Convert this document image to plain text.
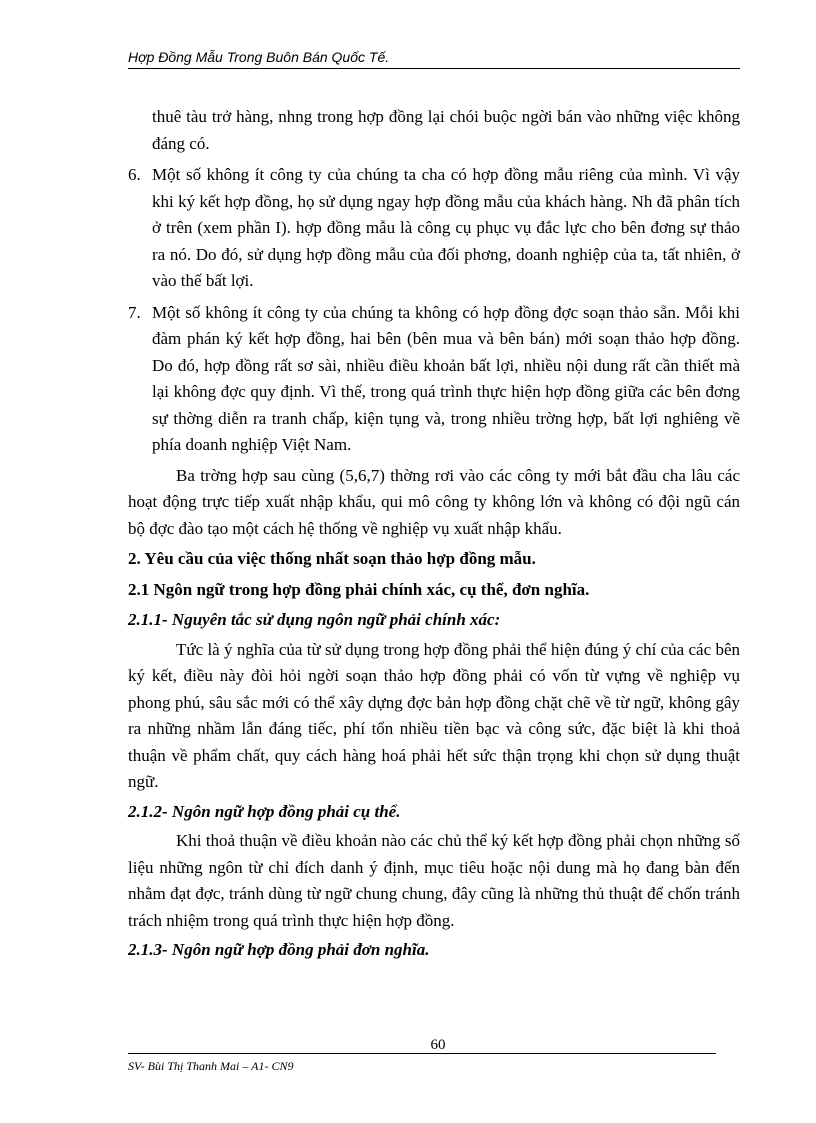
Hợp Đồng Mẫu Trong Buôn Bán Quốc Tế.

thuê tàu trở hàng, nhng trong hợp đồng lại chói buộc ngời bán vào những việc không đáng có.

6. Một số không ít công ty của chúng ta cha có hợp đồng mẫu riêng của mình. Vì vậy khi ký kết hợp đồng, họ sử dụng ngay hợp đồng mẫu của khách hàng. Nh đã phân tích ở trên (xem phần I). hợp đồng mẫu là công cụ phục vụ đắc lực cho bên đơng sự thảo ra nó. Do đó, sử dụng hợp đồng mẫu của đối phơng, doanh nghiệp của ta, tất nhiên, ở vào thế bất lợi.
7. Một số không ít công ty của chúng ta không có hợp đồng đợc soạn thảo sẵn. Mỗi khi đàm phán ký kết hợp đồng, hai bên (bên mua và bên bán) mới soạn thảo hợp đồng. Do đó, hợp đồng rất sơ sài, nhiều điều khoản bất lợi, nhiều nội dung rất cần thiết mà lại không đợc quy định. Vì thế, trong quá trình thực hiện hợp đồng giữa các bên đơng sự thờng diễn ra tranh chấp, kiện tụng và, trong nhiều trờng hợp, bất lợi nghiêng về phía doanh nghiệp Việt Nam.

Ba trờng hợp sau cùng (5,6,7) thờng rơi vào các công ty mới bắt đầu cha lâu các hoạt động trực tiếp xuất nhập khẩu, qui mô công ty không lớn và không có đội ngũ cán bộ đợc đào tạo một cách hệ thống về nghiệp vụ xuất nhập khẩu.

2. Yêu cầu của việc thống nhất soạn thảo hợp đồng mẫu.
2.1 Ngôn ngữ trong hợp đồng phải chính xác, cụ thể, đơn nghĩa.
2.1.1- Nguyên tắc sử dụng ngôn ngữ phải chính xác:

Tức là ý nghĩa của từ sử dụng trong hợp đồng phải thể hiện đúng ý chí của các bên ký kết, điều này đòi hỏi ngời soạn thảo hợp đồng phải có vốn từ vựng về nghiệp vụ phong phú, sâu sắc mới có thể xây dựng đợc bản hợp đồng chặt chẽ về từ ngữ, không gây ra những nhầm lẫn đáng tiếc, phí tổn nhiều tiền bạc và công sức, đặc biệt là khi thoả thuận về phẩm chất, quy cách hàng hoá phải hết sức thận trọng khi chọn sử dụng thuật ngữ.

2.1.2- Ngôn ngữ hợp đồng phải cụ thể.

Khi thoả thuận về điều khoản nào các chủ thể ký kết hợp đồng phải chọn những số liệu những ngôn từ chỉ đích danh ý định, mục tiêu hoặc nội dung mà họ đang bàn đến nhằm đạt đợc, tránh dùng từ ngữ chung chung, đây cũng là những thủ thuật để chốn tránh trách nhiệm trong quá trình thực hiện hợp đồng.

2.1.3- Ngôn ngữ hợp đồng phải đơn nghĩa.
60
SV- Bùi Thị Thanh Mai – A1- CN9
